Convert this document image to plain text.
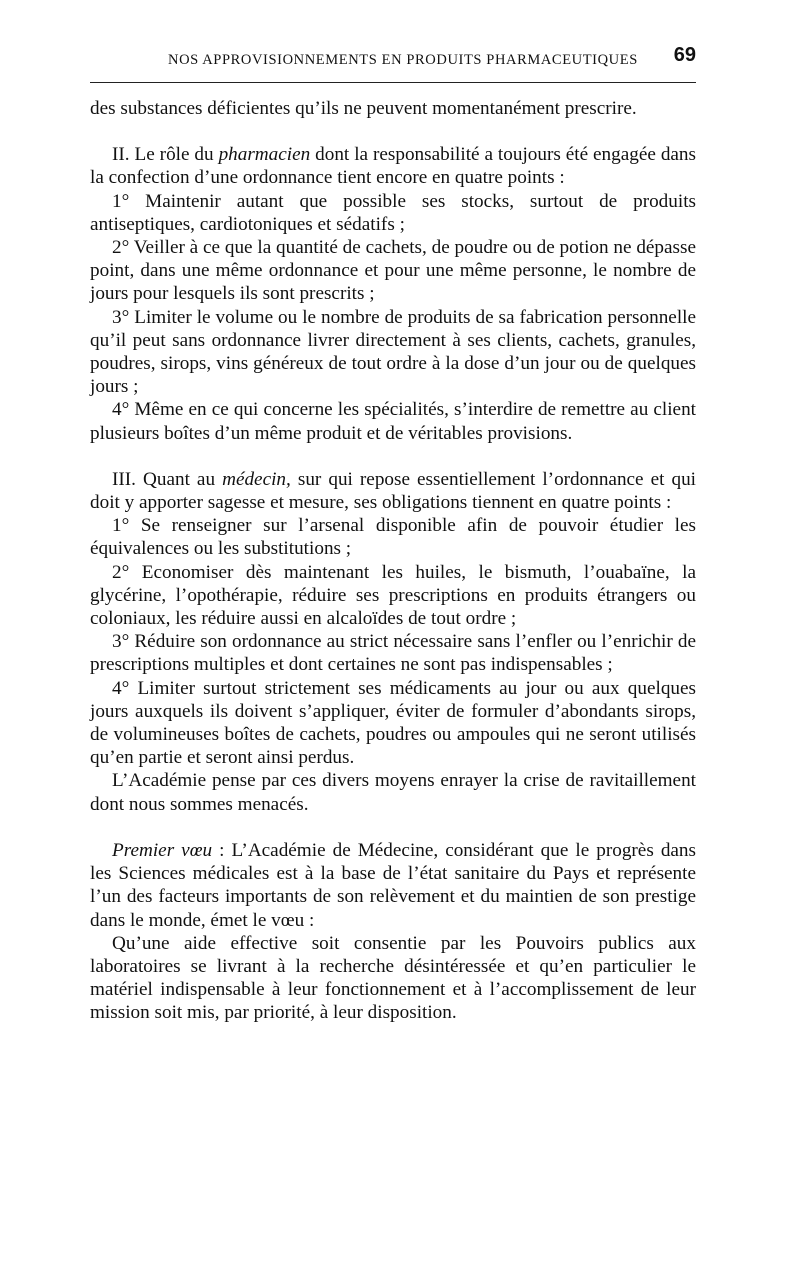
NOS APPROVISIONNEMENTS EN PRODUITS PHARMACEUTIQUES 69

des substances déficientes qu’ils ne peuvent momentanément prescrire.

II. Le rôle du pharmacien dont la responsabilité a toujours été engagée dans la confection d’une ordonnance tient encore en quatre points :

1° Maintenir autant que possible ses stocks, surtout de produits antiseptiques, cardiotoniques et sédatifs ;

2° Veiller à ce que la quantité de cachets, de poudre ou de potion ne dépasse point, dans une même ordonnance et pour une même personne, le nombre de jours pour lesquels ils sont prescrits ;

3° Limiter le volume ou le nombre de produits de sa fabrication personnelle qu’il peut sans ordonnance livrer directement à ses clients, cachets, granules, poudres, sirops, vins généreux de tout ordre à la dose d’un jour ou de quelques jours ;

4° Même en ce qui concerne les spécialités, s’interdire de remettre au client plusieurs boîtes d’un même produit et de véritables provisions.

III. Quant au médecin, sur qui repose essentiellement l’ordonnance et qui doit y apporter sagesse et mesure, ses obligations tiennent en quatre points :

1° Se renseigner sur l’arsenal disponible afin de pouvoir étudier les équivalences ou les substitutions ;

2° Economiser dès maintenant les huiles, le bismuth, l’ouabaïne, la glycérine, l’opothérapie, réduire ses prescriptions en produits étrangers ou coloniaux, les réduire aussi en alcaloïdes de tout ordre ;

3° Réduire son ordonnance au strict nécessaire sans l’enfler ou l’enrichir de prescriptions multiples et dont certaines ne sont pas indispensables ;

4° Limiter surtout strictement ses médicaments au jour ou aux quelques jours auxquels ils doivent s’appliquer, éviter de formuler d’abondants sirops, de volumineuses boîtes de cachets, poudres ou ampoules qui ne seront utilisés qu’en partie et seront ainsi perdus.

L’Académie pense par ces divers moyens enrayer la crise de ravitaillement dont nous sommes menacés.

Premier vœu : L’Académie de Médecine, considérant que le progrès dans les Sciences médicales est à la base de l’état sanitaire du Pays et représente l’un des facteurs importants de son relèvement et du maintien de son prestige dans le monde, émet le vœu :

Qu’une aide effective soit consentie par les Pouvoirs publics aux laboratoires se livrant à la recherche désintéressée et qu’en particulier le matériel indispensable à leur fonctionnement et à l’accomplissement de leur mission soit mis, par priorité, à leur disposition.
